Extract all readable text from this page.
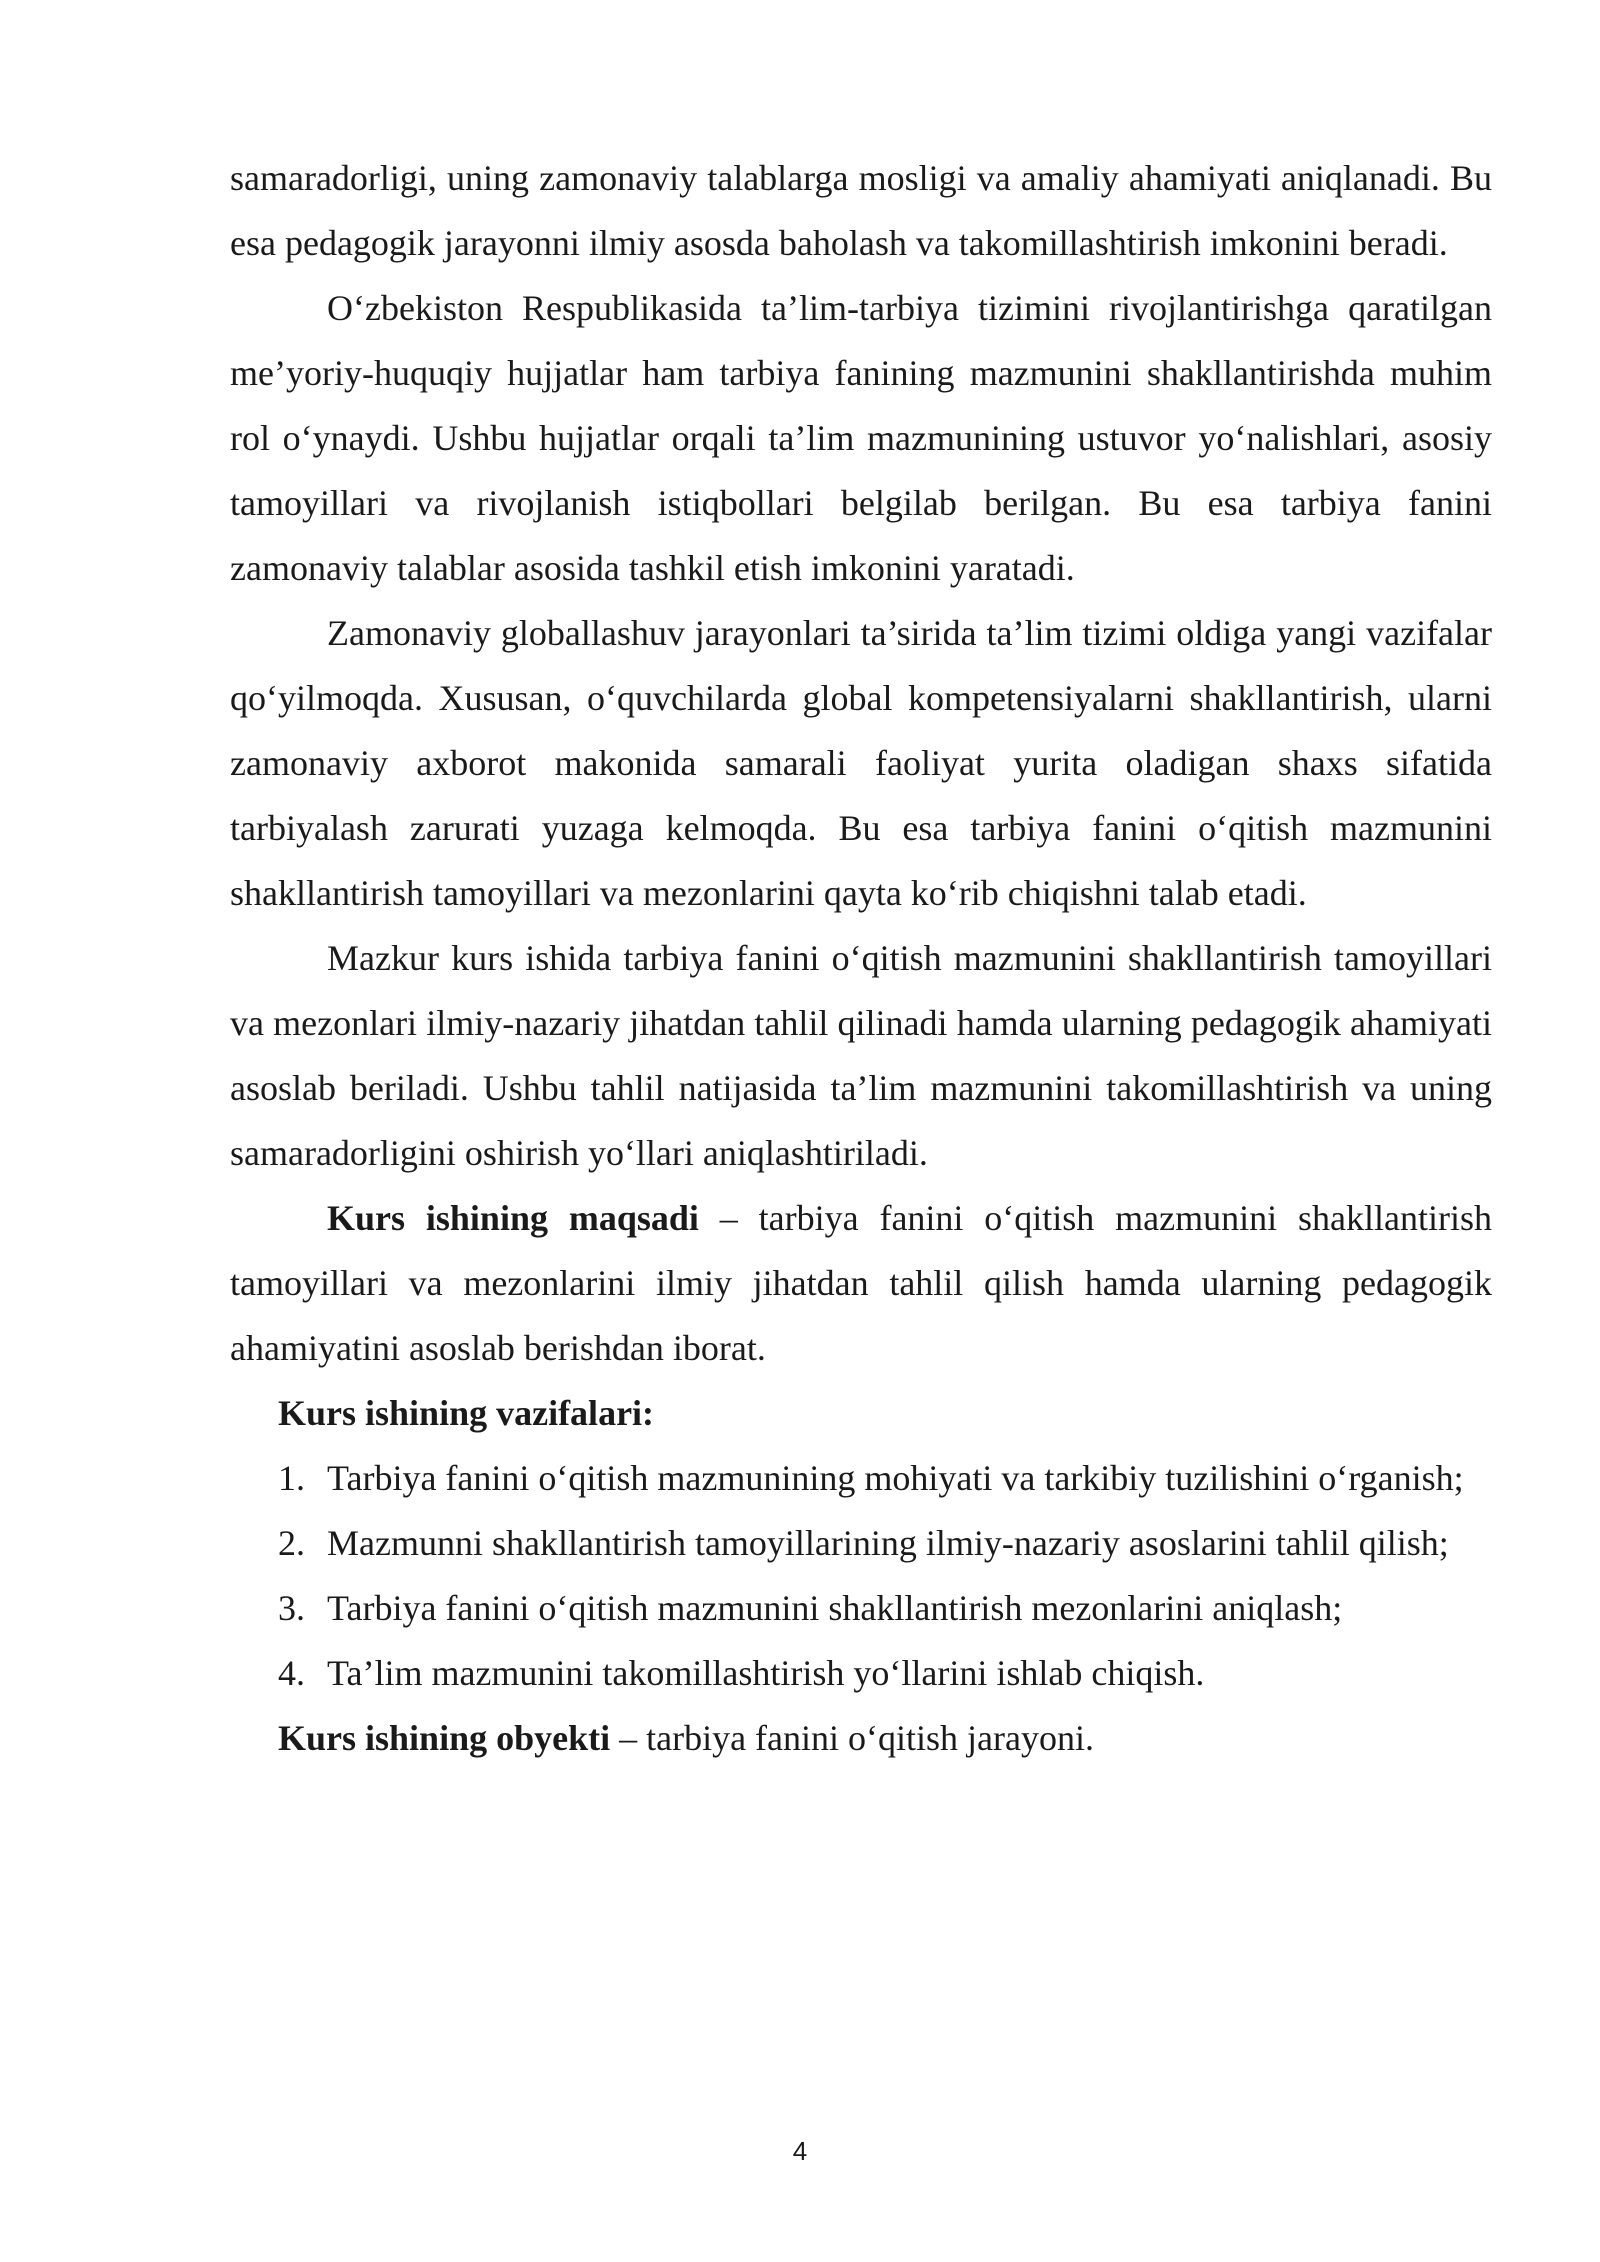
samaradorligi, uning zamonaviy talablarga mosligi va amaliy ahamiyati aniqlanadi. Bu esa pedagogik jarayonni ilmiy asosda baholash va takomillashtirish imkonini beradi.

O‘zbekiston Respublikasida ta’lim-tarbiya tizimini rivojlantirishga qaratilgan me’yoriy-huquqiy hujjatlar ham tarbiya fanining mazmunini shakllantirishda muhim rol o‘ynaydi. Ushbu hujjatlar orqali ta’lim mazmunining ustuvor yo‘nalishlari, asosiy tamoyillari va rivojlanish istiqbollari belgilab berilgan. Bu esa tarbiya fanini zamonaviy talablar asosida tashkil etish imkonini yaratadi.

Zamonaviy globallashuv jarayonlari ta’sirida ta’lim tizimi oldiga yangi vazifalar qo‘yilmoqda. Xususan, o‘quvchilarda global kompetensiyalarni shakllantirish, ularni zamonaviy axborot makonida samarali faoliyat yurita oladigan shaxs sifatida tarbiyalash zarurati yuzaga kelmoqda. Bu esa tarbiya fanini o‘qitish mazmunini shakllantirish tamoyillari va mezonlarini qayta ko‘rib chiqishni talab etadi.

Mazkur kurs ishida tarbiya fanini o‘qitish mazmunini shakllantirish tamoyillari va mezonlari ilmiy-nazariy jihatdan tahlil qilinadi hamda ularning pedagogik ahamiyati asoslab beriladi. Ushbu tahlil natijasida ta’lim mazmunini takomillashtirish va uning samaradorligini oshirish yo‘llari aniqlashtiriladi.

Kurs ishining maqsadi – tarbiya fanini o‘qitish mazmunini shakllantirish tamoyillari va mezonlarini ilmiy jihatdan tahlil qilish hamda ularning pedagogik ahamiyatini asoslab berishdan iborat.

Kurs ishining vazifalari:

1. Tarbiya fanini o‘qitish mazmunining mohiyati va tarkibiy tuzilishini o‘rganish;
2. Mazmunni shakllantirish tamoyillarining ilmiy-nazariy asoslarini tahlil qilish;
3. Tarbiya fanini o‘qitish mazmunini shakllantirish mezonlarini aniqlash;
4. Ta’lim mazmunini takomillashtirish yo‘llarini ishlab chiqish.

Kurs ishining obyekti – tarbiya fanini o‘qitish jarayoni.

4
